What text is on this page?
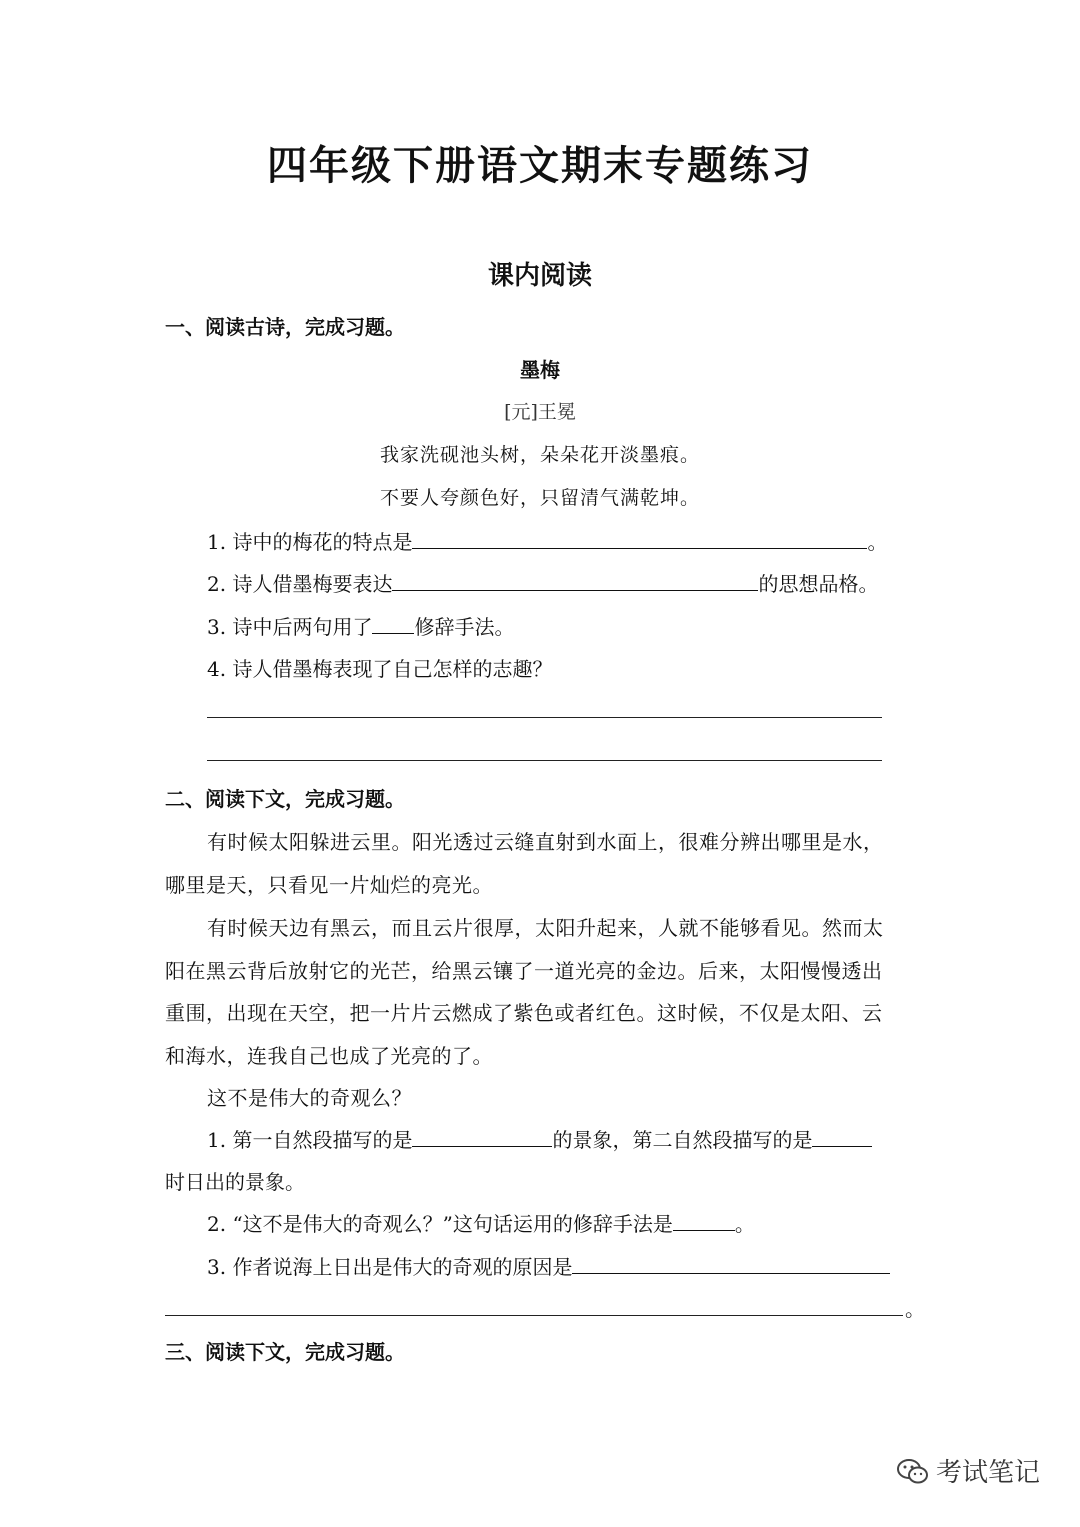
四年级下册语文期末专题练习
课内阅读
一、阅读古诗，完成习题。
墨梅
[元]王冕
我家洗砚池头树，朵朵花开淡墨痕。
不要人夸颜色好，只留清气满乾坤。
1. 诗中的梅花的特点是	。
2. 诗人借墨梅要表达	的思想品格。
3. 诗中后两句用了 修辞手法。
4. 诗人借墨梅表现了自己怎样的志趣？
二、阅读下文，完成习题。
有时候太阳躲进云里。阳光透过云缝直射到水面上，很难分辨出哪里是水，
哪里是天，只看见一片灿烂的亮光。
有时候天边有黑云，而且云片很厚，太阳升起来，人就不能够看见。然而太
阳在黑云背后放射它的光芒，给黑云镶了一道光亮的金边。后来，太阳慢慢透出
重围，出现在天空，把一片片云燃成了紫色或者红色。这时候，不仅是太阳、云
和海水，连我自己也成了光亮的了。
这不是伟大的奇观么？
1. 第一自然段描写的是	的景象，第二自然段描写的是
时日出的景象。
2. “这不是伟大的奇观么？”这句话运用的修辞手法是	。
3. 作者说海上日出是伟大的奇观的原因是
。
三、阅读下文，完成习题。
考试笔记
